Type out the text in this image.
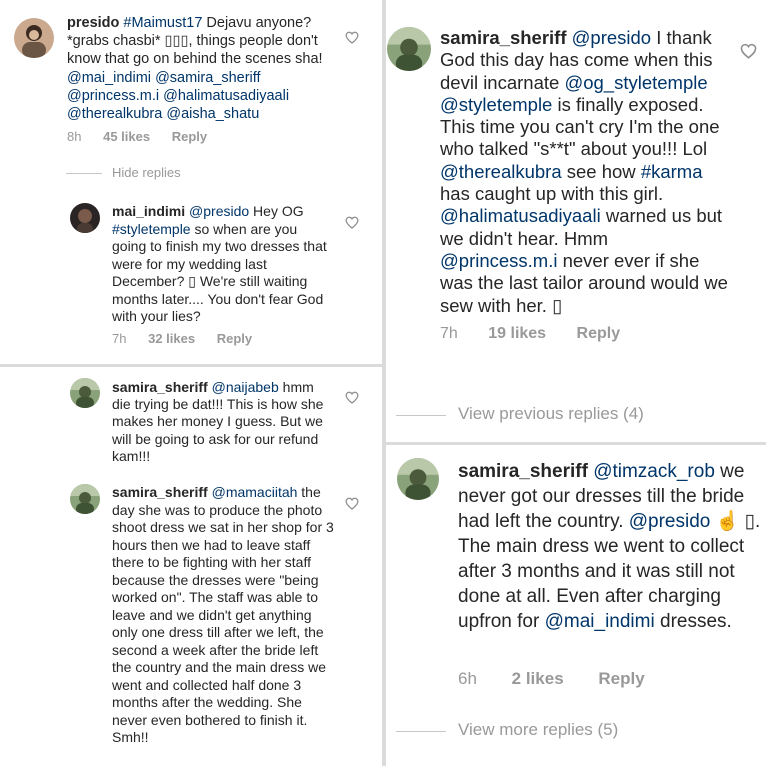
presido #Maimust17 Dejavu anyone? *grabs chasbi* ▯▯▯, things people don't know that go on behind the scenes sha! @mai_indimi @samira_sheriff @princess.m.i @halimatusadiyaali @therealkubra @aisha_shatu
8h 45 likes Reply
Hide replies
mai_indimi @presido Hey OG #styletemple so when are you going to finish my two dresses that were for my wedding last December? ▯ We're still waiting months later.... You don't fear God with your lies?
7h 32 likes Reply
samira_sheriff @naijabeb hmm die trying be dat!!! This is how she makes her money I guess. But we will be going to ask for our refund kam!!!
samira_sheriff @mamaciitah the day she was to produce the photo shoot dress we sat in her shop for 3 hours then we had to leave staff there to be fighting with her staff because the dresses were "being worked on". The staff was able to leave and we didn't get anything only one dress till after we left, the second a week after the bride left the country and the main dress we went and collected half done 3 months after the wedding. She never even bothered to finish it. Smh!!
samira_sheriff @presido I thank God this day has come when this devil incarnate @og_styletemple @styletemple is finally exposed. This time you can't cry I'm the one who talked "s**t" about you!!! Lol @therealkubra see how #karma has caught up with this girl. @halimatusadiyaali warned us but we didn't hear. Hmm @princess.m.i never ever if she was the last tailor around would we sew with her. ▯
7h 19 likes Reply
View previous replies (4)
samira_sheriff @timzack_rob we never got our dresses till the bride had left the country. @presido ☝ ▯. The main dress we went to collect after 3 months and it was still not done at all. Even after charging upfron for @mai_indimi dresses.
6h 2 likes Reply
View more replies (5)
